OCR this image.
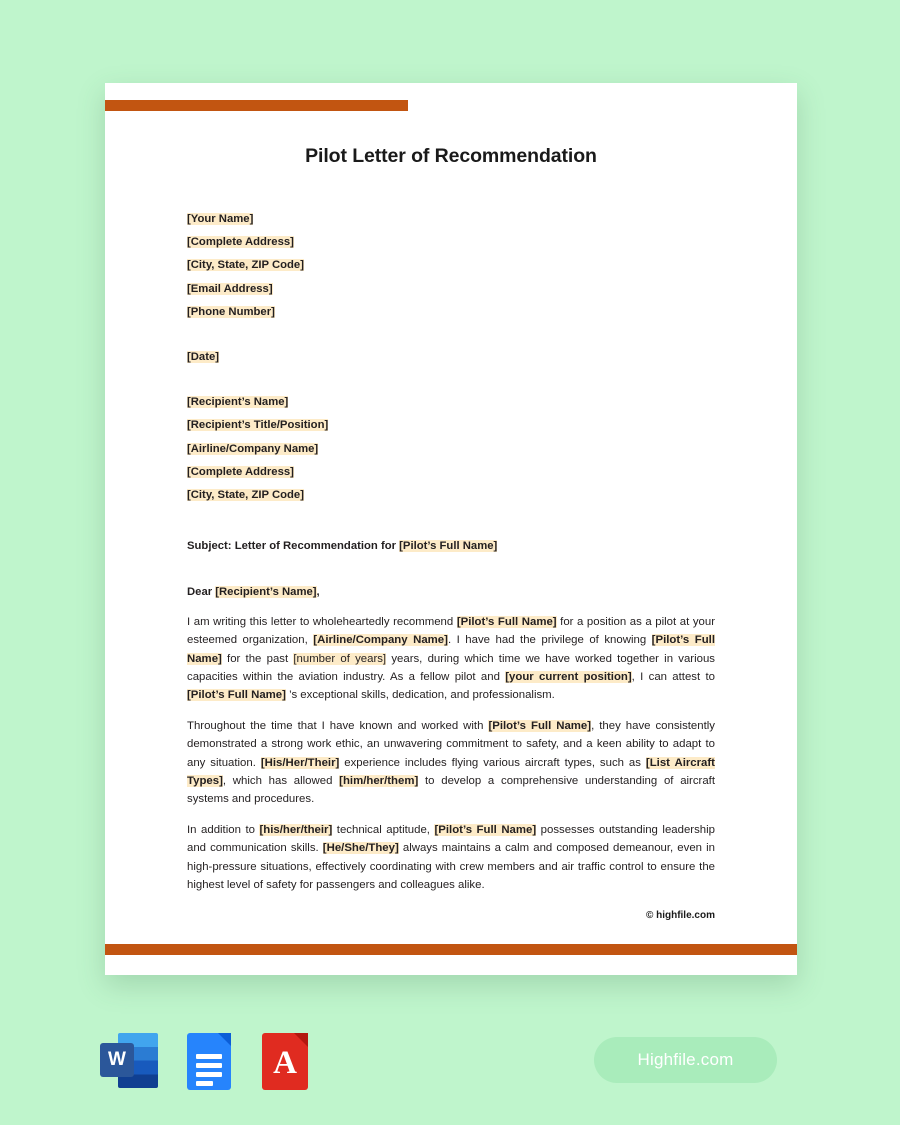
Pilot Letter of Recommendation
[Your Name]
[Complete Address]
[City, State, ZIP Code]
[Email Address]
[Phone Number]
[Date]
[Recipient’s Name]
[Recipient’s Title/Position]
[Airline/Company Name]
[Complete Address]
[City, State, ZIP Code]
Subject: Letter of Recommendation for [Pilot’s Full Name]
Dear [Recipient’s Name],

I am writing this letter to wholeheartedly recommend [Pilot’s Full Name] for a position as a pilot at your esteemed organization, [Airline/Company Name]. I have had the privilege of knowing [Pilot’s Full Name] for the past [number of years] years, during which time we have worked together in various capacities within the aviation industry. As a fellow pilot and [your current position], I can attest to [Pilot’s Full Name] ’s exceptional skills, dedication, and professionalism.

Throughout the time that I have known and worked with [Pilot’s Full Name], they have consistently demonstrated a strong work ethic, an unwavering commitment to safety, and a keen ability to adapt to any situation. [His/Her/Their] experience includes flying various aircraft types, such as [List Aircraft Types], which has allowed [him/her/them] to develop a comprehensive understanding of aircraft systems and procedures.

In addition to [his/her/their] technical aptitude, [Pilot’s Full Name] possesses outstanding leadership and communication skills. [He/She/They] always maintains a calm and composed demeanour, even in high-pressure situations, effectively coordinating with crew members and air traffic control to ensure the highest level of safety for passengers and colleagues alike.

© highfile.com
W	A	Highfile.com
